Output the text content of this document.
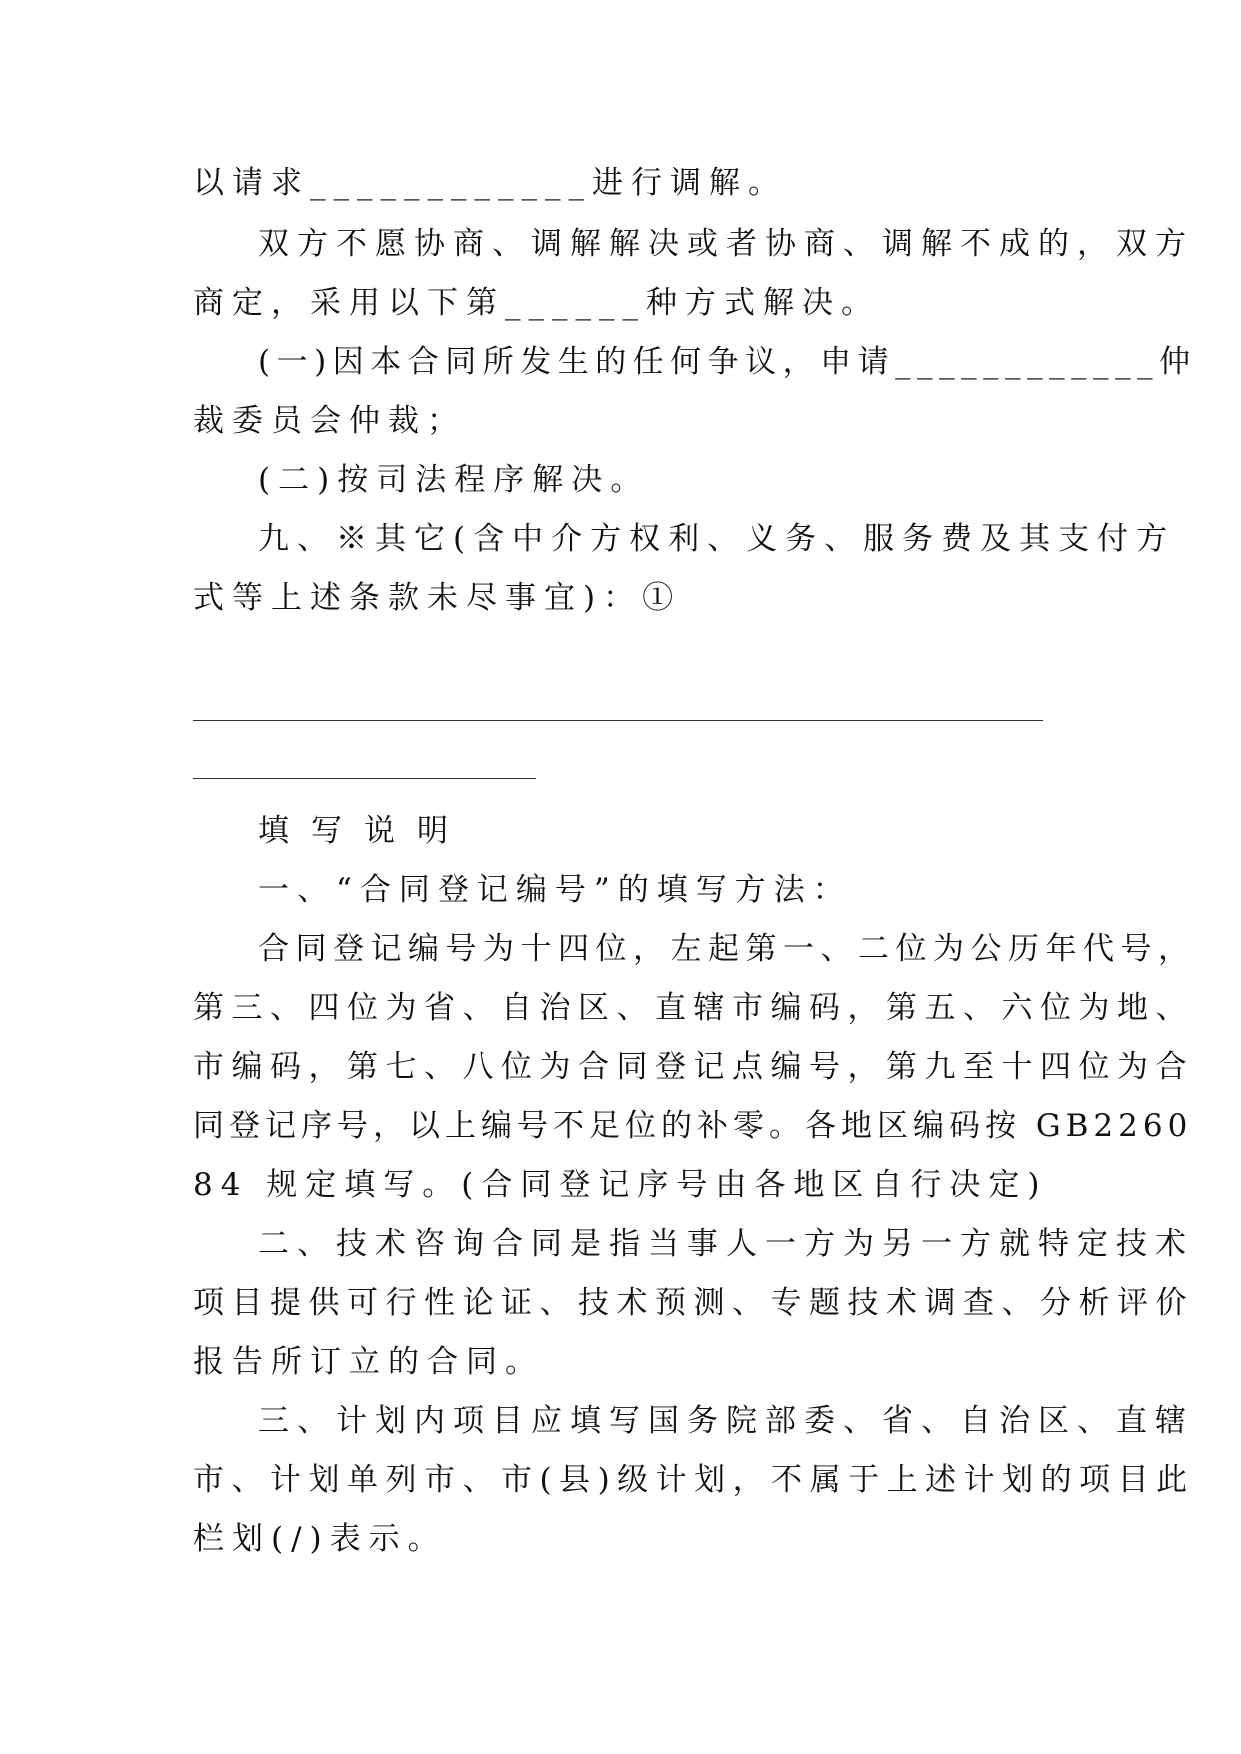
以请求____________进行调解。
双方不愿协商、调解解决或者协商、调解不成的，双方
商定，采用以下第______种方式解决。
(一)因本合同所发生的任何争议，申请____________仲
裁委员会仲裁；
(二)按司法程序解决。
九、※其它(含中介方权利、义务、服务费及其支付方
式等上述条款未尽事宜)：①
填写说明
一、“合同登记编号”的填写方法：
合同登记编号为十四位，左起第一、二位为公历年代号，
第三、四位为省、自治区、直辖市编码，第五、六位为地、
市编码，第七、八位为合同登记点编号，第九至十四位为合
同登记序号，以上编号不足位的补零。各地区编码按 GB2260
84 规定填写。(合同登记序号由各地区自行决定)
二、技术咨询合同是指当事人一方为另一方就特定技术
项目提供可行性论证、技术预测、专题技术调查、分析评价
报告所订立的合同。
三、计划内项目应填写国务院部委、省、自治区、直辖
市、计划单列市、市(县)级计划，不属于上述计划的项目此
栏划(/)表示。
